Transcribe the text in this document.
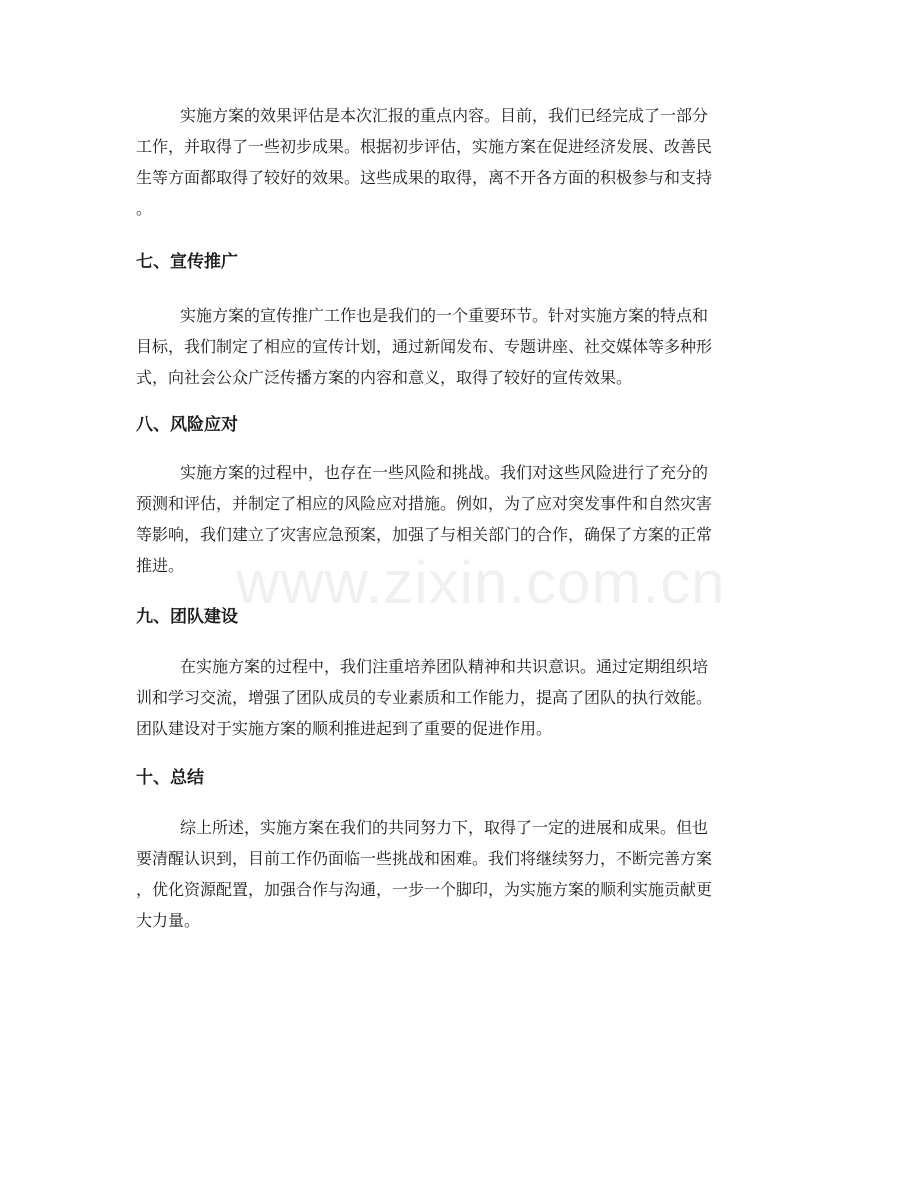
www.zixin.com.cn

实施方案的效果评估是本次汇报的重点内容。目前，我们已经完成了一部分
工作，并取得了一些初步成果。根据初步评估，实施方案在促进经济发展、改善民
生等方面都取得了较好的效果。这些成果的取得，离不开各方面的积极参与和支持
。

七、宣传推广

实施方案的宣传推广工作也是我们的一个重要环节。针对实施方案的特点和
目标，我们制定了相应的宣传计划，通过新闻发布、专题讲座、社交媒体等多种形
式，向社会公众广泛传播方案的内容和意义，取得了较好的宣传效果。

八、风险应对

实施方案的过程中，也存在一些风险和挑战。我们对这些风险进行了充分的
预测和评估，并制定了相应的风险应对措施。例如，为了应对突发事件和自然灾害
等影响，我们建立了灾害应急预案，加强了与相关部门的合作，确保了方案的正常
推进。

九、团队建设

在实施方案的过程中，我们注重培养团队精神和共识意识。通过定期组织培
训和学习交流，增强了团队成员的专业素质和工作能力，提高了团队的执行效能。
团队建设对于实施方案的顺利推进起到了重要的促进作用。

十、总结

综上所述，实施方案在我们的共同努力下，取得了一定的进展和成果。但也
要清醒认识到，目前工作仍面临一些挑战和困难。我们将继续努力，不断完善方案
，优化资源配置，加强合作与沟通，一步一个脚印，为实施方案的顺利实施贡献更
大力量。
